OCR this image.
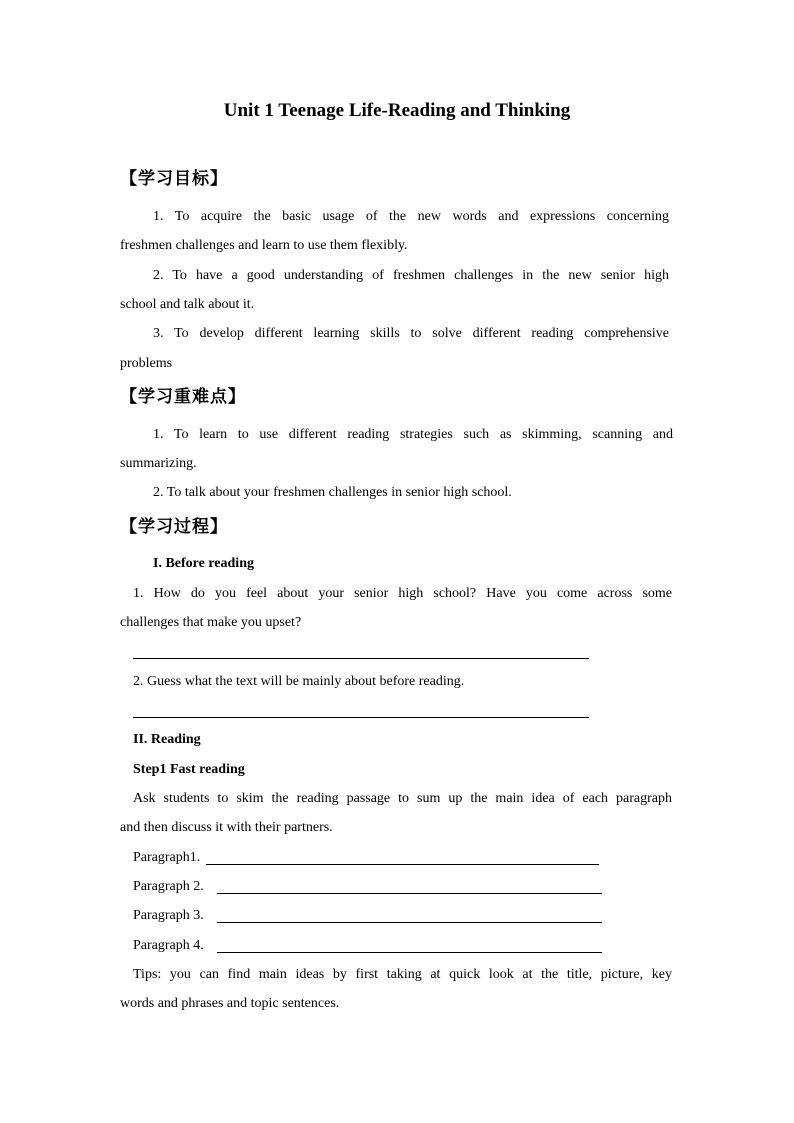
Unit 1 Teenage Life-Reading and Thinking
【学习目标】
1. To acquire the basic usage of the new words and expressions concerning
freshmen challenges and learn to use them flexibly.
2. To have a good understanding of freshmen challenges in the new senior high
school and talk about it.
3. To develop different learning skills to solve different reading comprehensive
problems
【学习重难点】
1. To learn to use different reading strategies such as skimming, scanning and
summarizing.
2. To talk about your freshmen challenges in senior high school.
【学习过程】
I. Before reading
1. How do you feel about your senior high school? Have you come across some
challenges that make you upset?
2. Guess what the text will be mainly about before reading.
II. Reading
Step1 Fast reading
Ask students to skim the reading passage to sum up the main idea of each paragraph
and then discuss it with their partners.
Paragraph1.
Paragraph 2.
Paragraph 3.
Paragraph 4.
Tips: you can find main ideas by first taking at quick look at the title, picture, key
words and phrases and topic sentences.
